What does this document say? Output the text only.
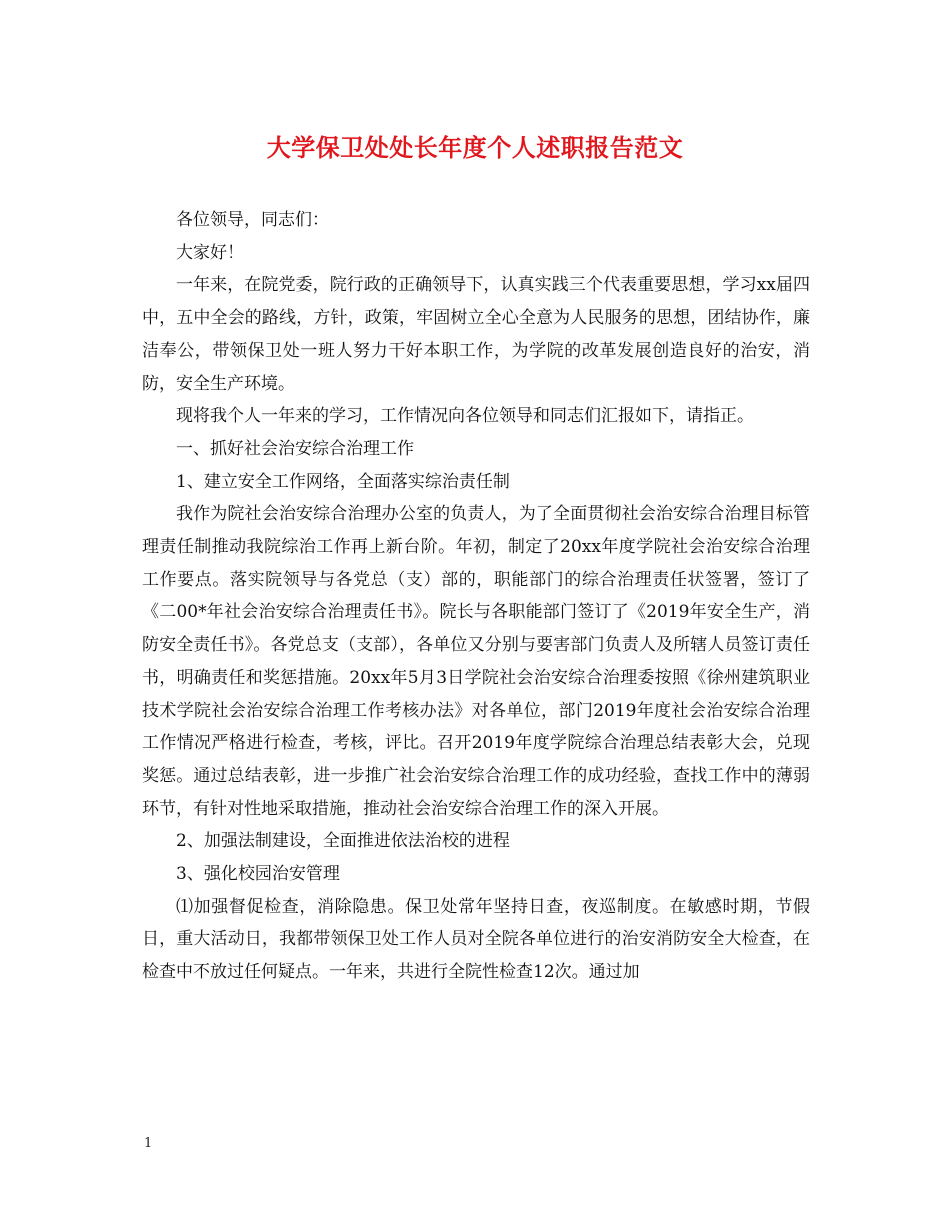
大学保卫处处长年度个人述职报告范文

各位领导，同志们：

大家好！

一年来，在院党委，院行政的正确领导下，认真实践三个代表重要思想，学习xx届四中，五中全会的路线，方针，政策，牢固树立全心全意为人民服务的思想，团结协作，廉洁奉公，带领保卫处一班人努力干好本职工作，为学院的改革发展创造良好的治安，消防，安全生产环境。

现将我个人一年来的学习，工作情况向各位领导和同志们汇报如下，请指正。

一、抓好社会治安综合治理工作

1、建立安全工作网络，全面落实综治责任制

我作为院社会治安综合治理办公室的负责人，为了全面贯彻社会治安综合治理目标管理责任制推动我院综治工作再上新台阶。年初，制定了20xx年度学院社会治安综合治理工作要点。落实院领导与各党总（支）部的，职能部门的综合治理责任状签署，签订了《二00*年社会治安综合治理责任书》。院长与各职能部门签订了《2019年安全生产，消防安全责任书》。各党总支（支部），各单位又分别与要害部门负责人及所辖人员签订责任书，明确责任和奖惩措施。20xx年5月3日学院社会治安综合治理委按照《徐州建筑职业技术学院社会治安综合治理工作考核办法》对各单位，部门2019年度社会治安综合治理工作情况严格进行检查，考核，评比。召开2019年度学院综合治理总结表彰大会，兑现奖惩。通过总结表彰，进一步推广社会治安综合治理工作的成功经验，查找工作中的薄弱环节，有针对性地采取措施，推动社会治安综合治理工作的深入开展。

2、加强法制建设，全面推进依法治校的进程

3、强化校园治安管理

⑴加强督促检查，消除隐患。保卫处常年坚持日查，夜巡制度。在敏感时期，节假日，重大活动日，我都带领保卫处工作人员对全院各单位进行的治安消防安全大检查，在检查中不放过任何疑点。一年来，共进行全院性检查12次。通过加

1
